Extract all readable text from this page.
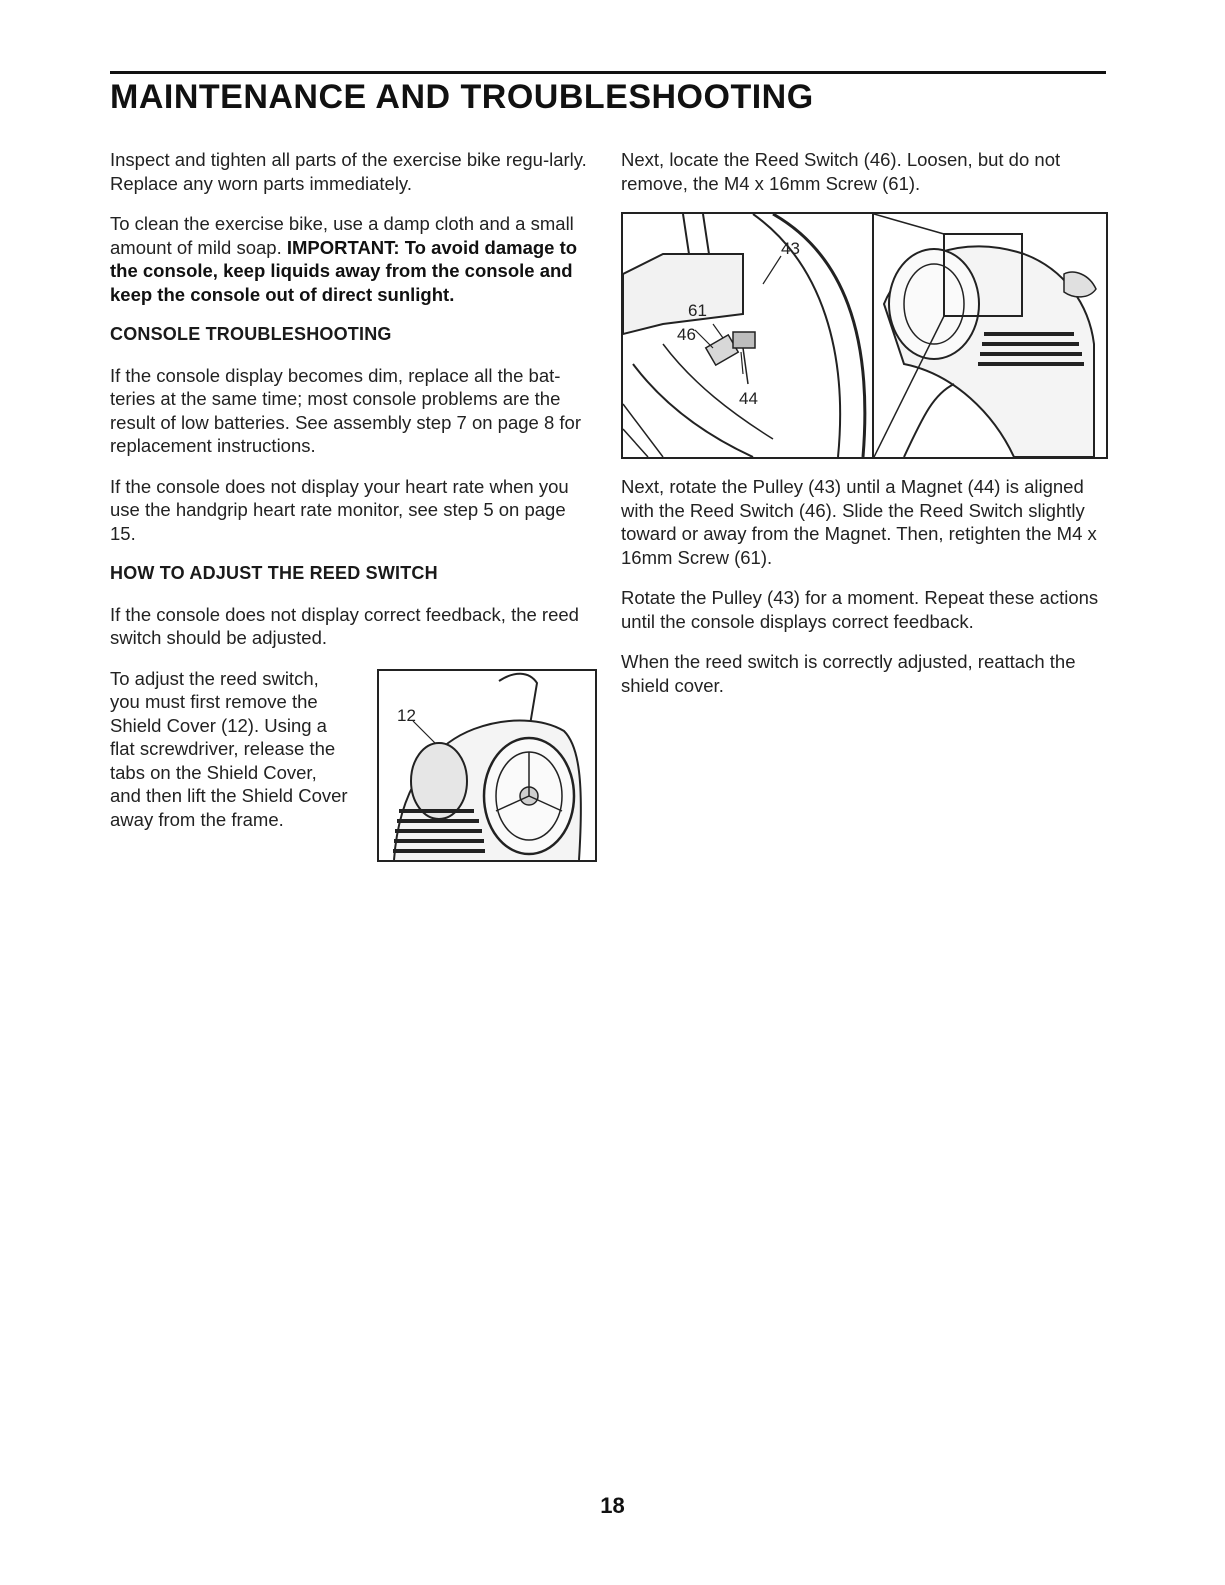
MAINTENANCE AND TROUBLESHOOTING

Inspect and tighten all parts of the exercise bike regu-larly. Replace any worn parts immediately.

To clean the exercise bike, use a damp cloth and a small amount of mild soap. IMPORTANT: To avoid damage to the console, keep liquids away from the console and keep the console out of direct sunlight.

CONSOLE TROUBLESHOOTING

If the console display becomes dim, replace all the bat-teries at the same time; most console problems are the result of low batteries. See assembly step 7 on page 8 for replacement instructions.

If the console does not display your heart rate when you use the handgrip heart rate monitor, see step 5 on page 15.

HOW TO ADJUST THE REED SWITCH

If the console does not display correct feedback, the reed switch should be adjusted.

To adjust the reed switch, you must first remove the Shield Cover (12). Using a flat screwdriver, release the tabs on the Shield Cover, and then lift the Shield Cover away from the frame.

12

Next, locate the Reed Switch (46). Loosen, but do not remove, the M4 x 16mm Screw (61).

43
61
46
44

Next, rotate the Pulley (43) until a Magnet (44) is aligned with the Reed Switch (46). Slide the Reed Switch slightly toward or away from the Magnet. Then, retighten the M4 x 16mm Screw (61).

Rotate the Pulley (43) for a moment. Repeat these actions until the console displays correct feedback.

When the reed switch is correctly adjusted, reattach the shield cover.

18
